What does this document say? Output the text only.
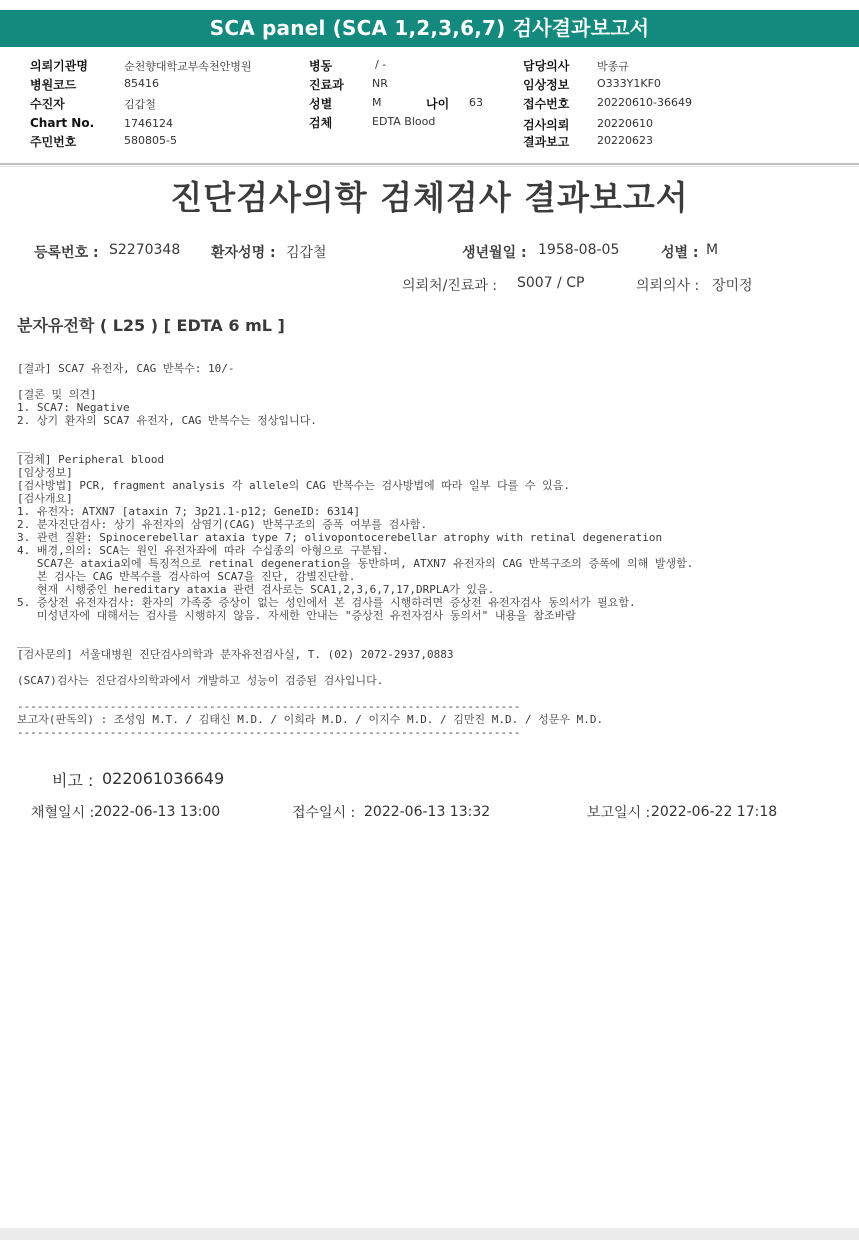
SCA panel (SCA 1,2,3,6,7) 검사결과보고서
의뢰기관명	순천향대학교부속천안병원
병원코드	85416
수진자	김갑철
Chart No.	1746124
주민번호	580805-5
병동	/ -
진료과	NR
성별	M	나이 63
검체	EDTA Blood
담당의사	박종규
임상정보	O333Y1KF0
접수번호	20220610-36649
검사의뢰	20220610
결과보고	20220623
진단검사의학 검체검사 결과보고서
등록번호 : S2270348 환자성명 : 김갑철	생년월일 : 1958-08-05	성별 : M
의뢰처/진료과 : S007 / CP	의뢰의사 : 장미정
분자유전학 ( L25 ) [ EDTA 6 mL ]
[결과] SCA7 유전자, CAG 반복수: 10/-
[결론 및 의견]
1. SCA7: Negative
2. 상기 환자의 SCA7 유전자, CAG 반복수는 정상입니다.
__
[검체] Peripheral blood
[임상정보]
[검사방법] PCR, fragment analysis 각 allele의 CAG 반복수는 검사방법에 따라 일부 다를 수 있음.
[검사개요]
1. 유전자: ATXN7 [ataxin 7; 3p21.1-p12; GeneID: 6314]
2. 분자진단검사: 상기 유전자의 삼염기(CAG) 반복구조의 증폭 여부를 검사함.
3. 관련 질환: Spinocerebellar ataxia type 7; olivopontocerebellar atrophy with retinal degeneration
4. 배경,의의: SCA는 원인 유전자좌에 따라 수십종의 아형으로 구분됨.
SCA7은 ataxia외에 특징적으로 retinal degeneration을 동반하며, ATXN7 유전자의 CAG 반복구조의 증폭에 의해 발생함.
본 검사는 CAG 반복수를 검사하여 SCA7을 진단, 감별진단함.
현재 시행중인 hereditary ataxia 관련 검사로는 SCA1,2,3,6,7,17,DRPLA가 있음.
5. 증상전 유전자검사: 환자의 가족중 증상이 없는 성인에서 본 검사를 시행하려면 증상전 유전자검사 동의서가 필요함.
미성년자에 대해서는 검사를 시행하지 않음. 자세한 안내는 "증상전 유전자검사 동의서" 내용을 참조바람
__
[검사문의] 서울대병원 진단검사의학과 분자유전검사실, T. (02) 2072-2937,0883
(SCA7)검사는 진단검사의학과에서 개발하고 성능이 검증된 검사입니다.
----------------------------------------------------------------------------
보고자(판독의) : 조성임 M.T. / 김태신 M.D. / 이희라 M.D. / 이지수 M.D. / 김만진 M.D. / 성문우 M.D.
----------------------------------------------------------------------------
비고 : 022061036649
채혈일시 : 2022-06-13 13:00	접수일시 : 2022-06-13 13:32	보고일시 : 2022-06-22 17:18
